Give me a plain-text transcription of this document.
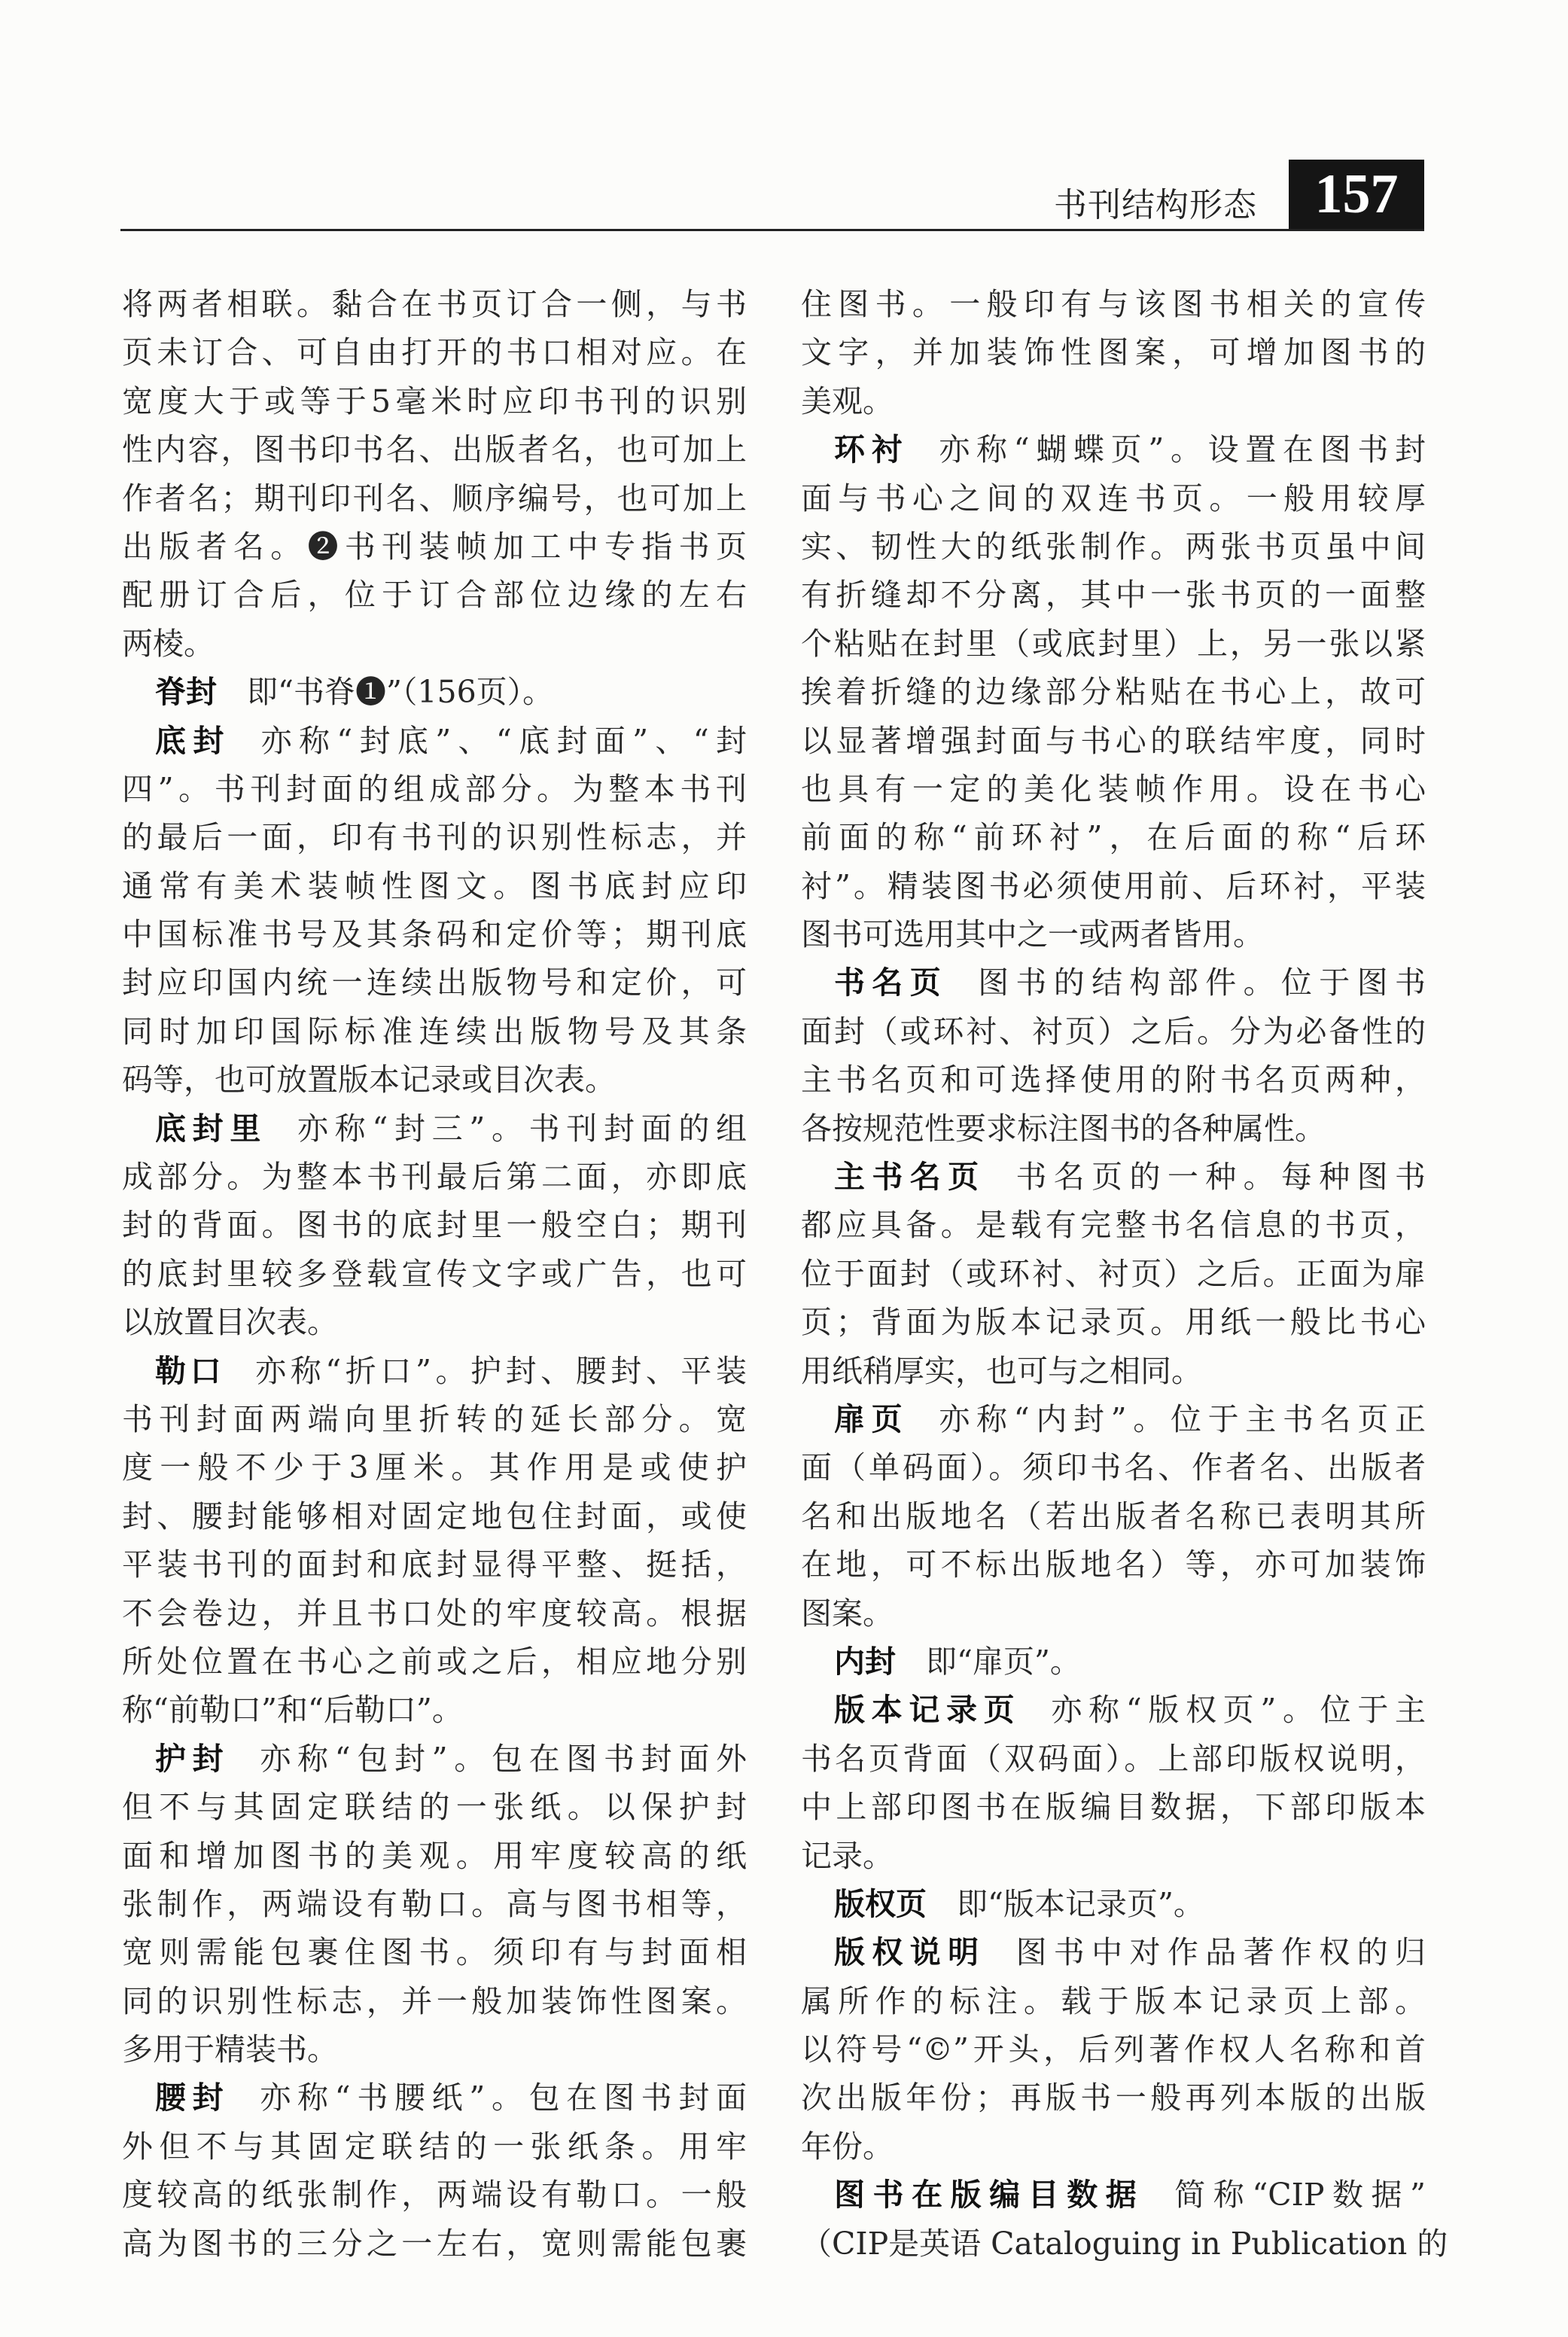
书刊结构形态	157
将两者相联。黏合在书页订合一侧，与书
页未订合、可自由打开的书口相对应。在
宽度大于或等于5毫米时应印书刊的识别
性内容，图书印书名、出版者名，也可加上
作者名；期刊印刊名、顺序编号，也可加上
出版者名。❷书刊装帧加工中专指书页
配册订合后，位于订合部位边缘的左右
两棱。
脊封 即“书脊❶”（156页）。
底封 亦称“封底”、“底封面”、“封
四”。书刊封面的组成部分。为整本书刊
的最后一面，印有书刊的识别性标志，并
通常有美术装帧性图文。图书底封应印
中国标准书号及其条码和定价等；期刊底
封应印国内统一连续出版物号和定价，可
同时加印国际标准连续出版物号及其条
码等，也可放置版本记录或目次表。
底封里 亦称“封三”。书刊封面的组
成部分。为整本书刊最后第二面，亦即底
封的背面。图书的底封里一般空白；期刊
的底封里较多登载宣传文字或广告，也可
以放置目次表。
勒口 亦称“折口”。护封、腰封、平装
书刊封面两端向里折转的延长部分。宽
度一般不少于3厘米。其作用是或使护
封、腰封能够相对固定地包住封面，或使
平装书刊的面封和底封显得平整、挺括，
不会卷边，并且书口处的牢度较高。根据
所处位置在书心之前或之后，相应地分别
称“前勒口”和“后勒口”。
护封 亦称“包封”。包在图书封面外
但不与其固定联结的一张纸。以保护封
面和增加图书的美观。用牢度较高的纸
张制作，两端设有勒口。高与图书相等，
宽则需能包裹住图书。须印有与封面相
同的识别性标志，并一般加装饰性图案。
多用于精装书。
腰封 亦称“书腰纸”。包在图书封面
外但不与其固定联结的一张纸条。用牢
度较高的纸张制作，两端设有勒口。一般
高为图书的三分之一左右，宽则需能包裹
住图书。一般印有与该图书相关的宣传
文字，并加装饰性图案，可增加图书的
美观。
环衬 亦称“蝴蝶页”。设置在图书封
面与书心之间的双连书页。一般用较厚
实、韧性大的纸张制作。两张书页虽中间
有折缝却不分离，其中一张书页的一面整
个粘贴在封里（或底封里）上，另一张以紧
挨着折缝的边缘部分粘贴在书心上，故可
以显著增强封面与书心的联结牢度，同时
也具有一定的美化装帧作用。设在书心
前面的称“前环衬”，在后面的称“后环
衬”。精装图书必须使用前、后环衬，平装
图书可选用其中之一或两者皆用。
书名页 图书的结构部件。位于图书
面封（或环衬、衬页）之后。分为必备性的
主书名页和可选择使用的附书名页两种，
各按规范性要求标注图书的各种属性。
主书名页 书名页的一种。每种图书
都应具备。是载有完整书名信息的书页，
位于面封（或环衬、衬页）之后。正面为扉
页；背面为版本记录页。用纸一般比书心
用纸稍厚实，也可与之相同。
扉页 亦称“内封”。位于主书名页正
面（单码面）。须印书名、作者名、出版者
名和出版地名（若出版者名称已表明其所
在地，可不标出版地名）等，亦可加装饰
图案。
内封 即“扉页”。
版本记录页 亦称“版权页”。位于主
书名页背面（双码面）。上部印版权说明，
中上部印图书在版编目数据，下部印版本
记录。
版权页 即“版本记录页”。
版权说明 图书中对作品著作权的归
属所作的标注。载于版本记录页上部。
以符号“©”开头，后列著作权人名称和首
次出版年份；再版书一般再列本版的出版
年份。
图书在版编目数据 简称“CIP数据”
（CIP是英语 Cataloguing in Publication 的
